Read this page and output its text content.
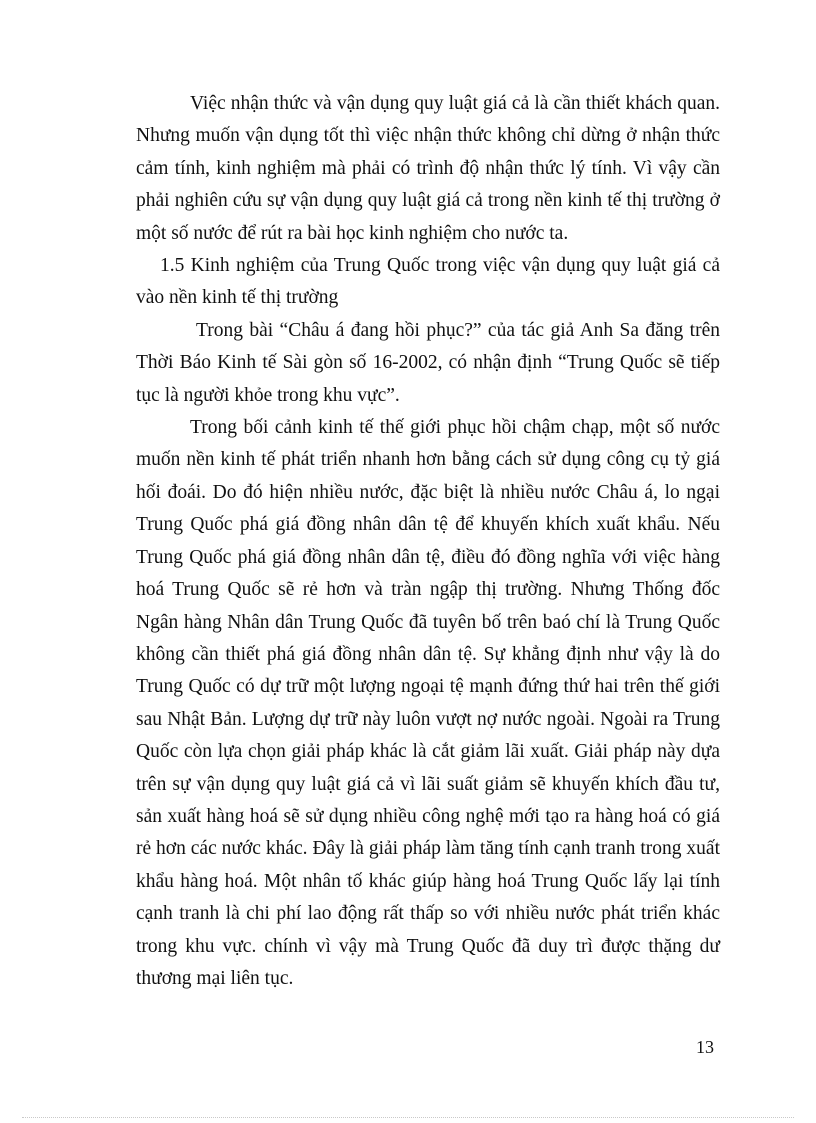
Việc nhận thức và vận dụng quy luật giá cả là cần thiết khách quan. Nhưng muốn vận dụng tốt thì việc nhận thức không chỉ dừng ở nhận thức cảm tính, kinh nghiệm mà phải có trình độ nhận thức lý tính. Vì vậy cần phải nghiên cứu sự vận dụng quy luật giá cả trong nền kinh tế thị trường ở một số nước để rút ra bài học kinh nghiệm cho nước ta.

1.5 Kinh nghiệm của Trung Quốc trong việc vận dụng quy luật giá cả vào nền kinh tế thị trường

Trong bài “Châu á đang hồi phục?” của tác giả Anh Sa đăng trên Thời Báo Kinh tế Sài gòn số 16-2002, có nhận định “Trung Quốc sẽ tiếp tục là người khỏe trong khu vực”.

Trong bối cảnh kinh tế thế giới phục hồi chậm chạp, một số nước muốn nền kinh tế phát triển nhanh hơn bằng cách sử dụng công cụ tỷ giá hối đoái. Do đó hiện nhiều nước, đặc biệt là nhiều nước Châu á, lo ngại Trung Quốc phá giá đồng nhân dân tệ để khuyến khích xuất khẩu. Nếu Trung Quốc phá giá đồng nhân dân tệ, điều đó đồng nghĩa với việc hàng hoá Trung Quốc sẽ rẻ hơn và tràn ngập thị trường. Nhưng Thống đốc Ngân hàng Nhân dân Trung Quốc đã tuyên bố trên baó chí là Trung Quốc không cần thiết phá giá đồng nhân dân tệ. Sự khẳng định như vậy là do Trung Quốc có dự trữ một lượng ngoại tệ mạnh đứng thứ hai trên thế giới sau Nhật Bản. Lượng dự trữ này luôn vượt nợ nước ngoài. Ngoài ra Trung Quốc còn lựa chọn giải pháp khác là cắt giảm lãi xuất. Giải pháp này dựa trên sự vận dụng quy luật giá cả vì lãi suất giảm sẽ khuyến khích đầu tư, sản xuất hàng hoá sẽ sử dụng nhiều công nghệ mới tạo ra hàng hoá có giá rẻ hơn các nước khác. Đây là giải pháp làm tăng tính cạnh tranh trong xuất khẩu hàng hoá. Một nhân tố khác giúp hàng hoá Trung Quốc lấy lại tính cạnh tranh là chi phí lao động rất thấp so với nhiều nước phát triển khác trong khu vực. chính vì vậy mà Trung Quốc đã duy trì được thặng dư thương mại liên tục.

13
